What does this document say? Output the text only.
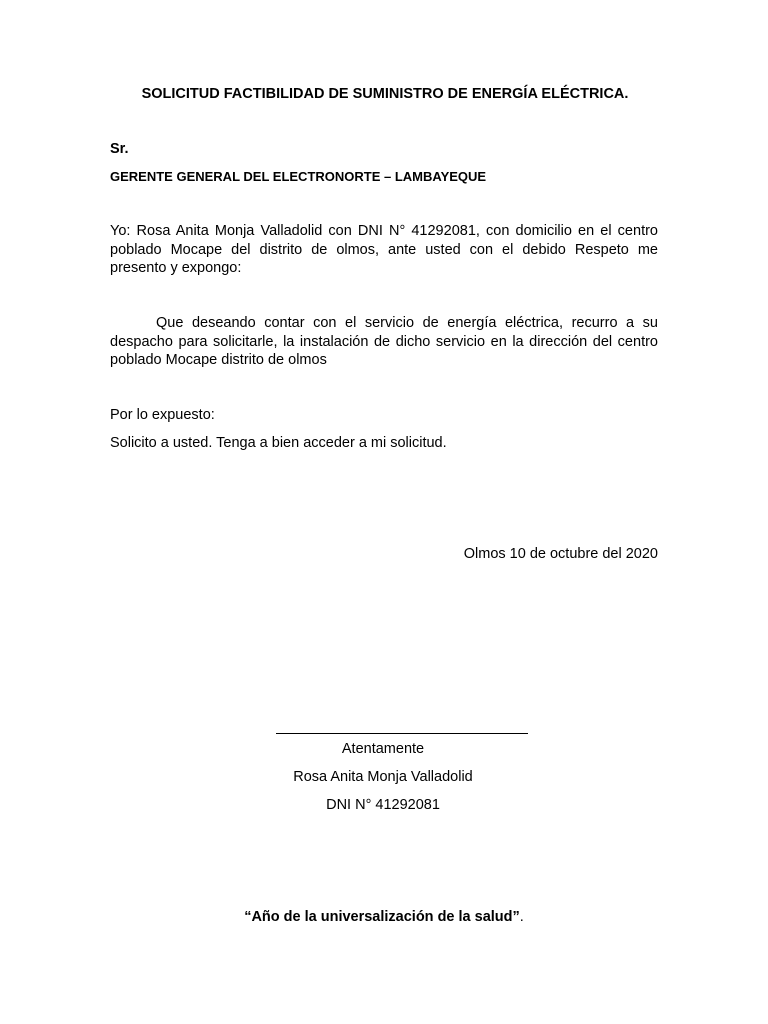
SOLICITUD FACTIBILIDAD DE SUMINISTRO DE ENERGÍA ELÉCTRICA.

Sr.

GERENTE GENERAL DEL ELECTRONORTE – LAMBAYEQUE

Yo: Rosa Anita Monja Valladolid con DNI N° 41292081, con domicilio en el centro poblado Mocape del distrito de olmos, ante usted con el debido Respeto me presento y expongo:

Que deseando contar con el servicio de energía eléctrica, recurro a su despacho para solicitarle, la instalación de dicho servicio en la dirección del centro poblado Mocape distrito de olmos

Por lo expuesto:

Solicito a usted. Tenga a bien acceder a mi solicitud.

Olmos 10 de octubre del 2020

Atentamente

Rosa Anita Monja Valladolid

DNI N° 41292081

“Año de la universalización de la salud”.
